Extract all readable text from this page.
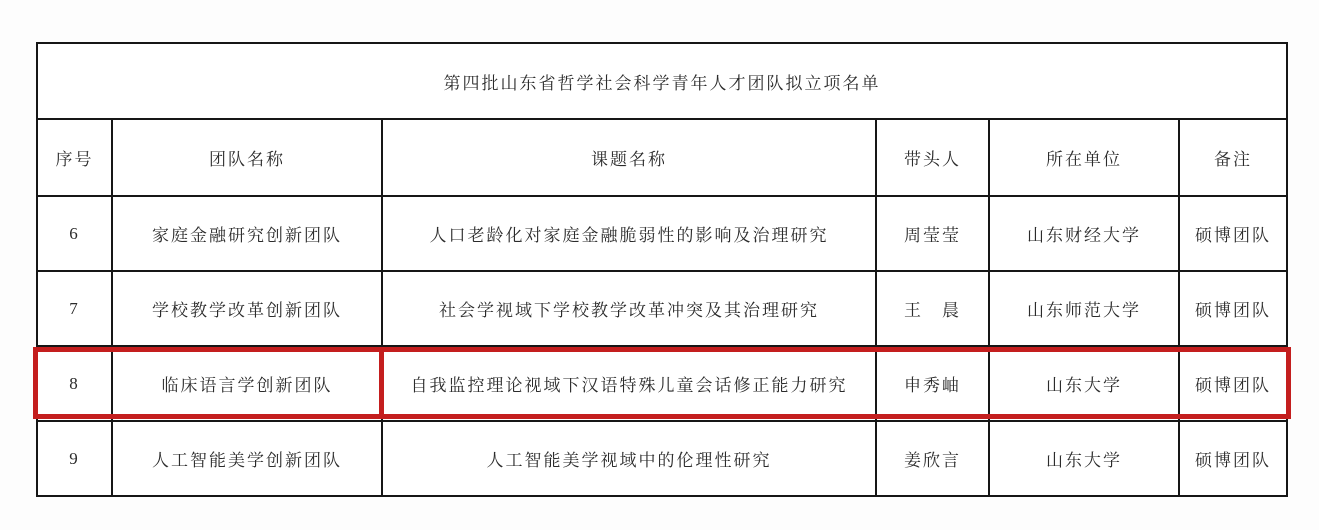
第四批山东省哲学社会科学青年人才团队拟立项名单					
序号	团队名称	课题名称	带头人	所在单位	备注
6	家庭金融研究创新团队	人口老龄化对家庭金融脆弱性的影响及治理研究	周莹莹	山东财经大学	硕博团队
7	学校教学改革创新团队	社会学视域下学校教学改革冲突及其治理研究	王　晨	山东师范大学	硕博团队
8	临床语言学创新团队	自我监控理论视域下汉语特殊儿童会话修正能力研究	申秀岫	山东大学	硕博团队
9	人工智能美学创新团队	人工智能美学视域中的伦理性研究	姜欣言	山东大学	硕博团队
